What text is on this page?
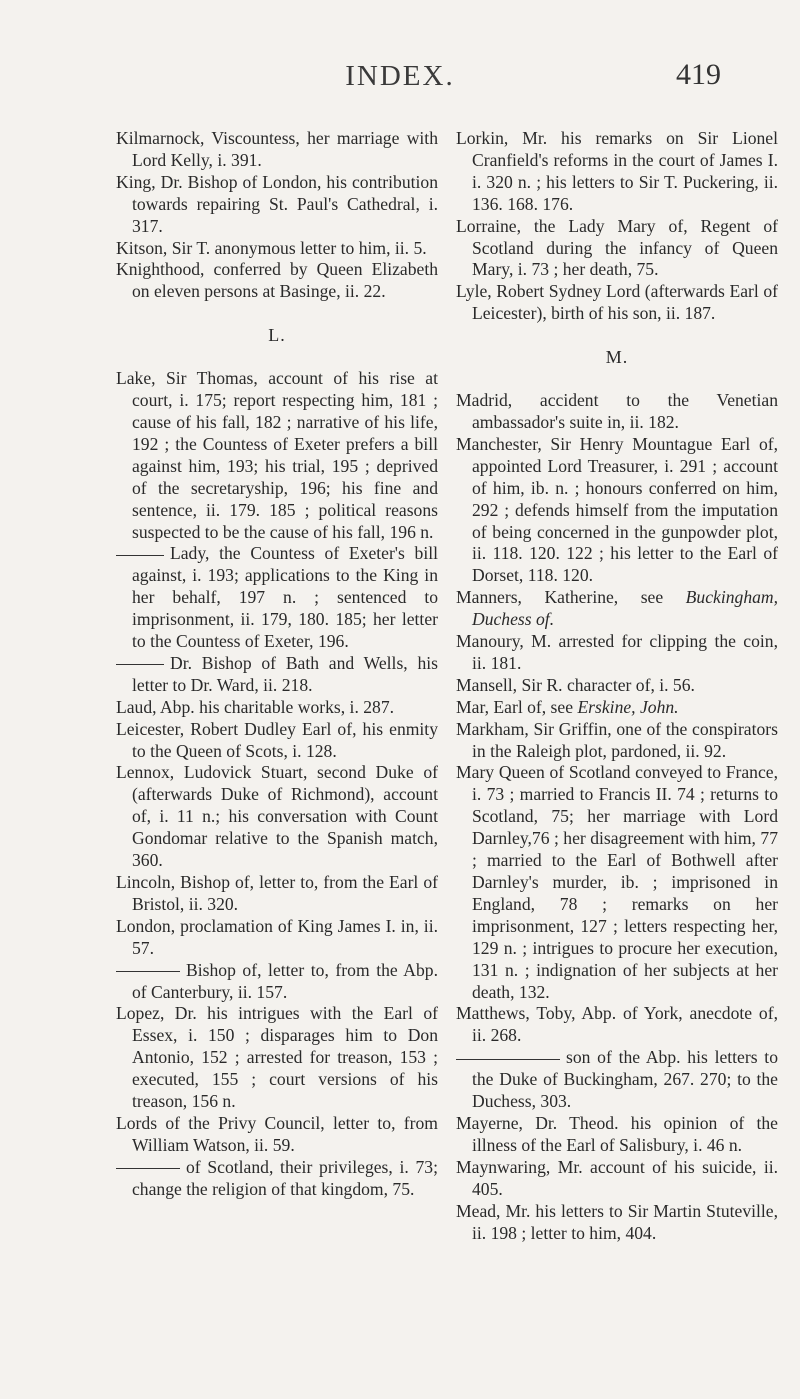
INDEX.	419

Kilmarnock, Viscountess, her marriage with Lord Kelly, i. 391.

King, Dr. Bishop of London, his contribution towards repairing St. Paul's Cathedral, i. 317.

Kitson, Sir T. anonymous letter to him, ii. 5.

Knighthood, conferred by Queen Elizabeth on eleven persons at Basinge, ii. 22.

L.

Lake, Sir Thomas, account of his rise at court, i. 175; report respecting him, 181 ; cause of his fall, 182 ; narrative of his life, 192 ; the Countess of Exeter prefers a bill against him, 193; his trial, 195 ; deprived of the secretaryship, 196; his fine and sentence, ii. 179. 185 ; political reasons suspected to be the cause of his fall, 196 n.

Lady, the Countess of Exeter's bill against, i. 193; applications to the King in her behalf, 197 n. ; sentenced to imprisonment, ii. 179, 180. 185; her letter to the Countess of Exeter, 196.

Dr. Bishop of Bath and Wells, his letter to Dr. Ward, ii. 218.

Laud, Abp. his charitable works, i. 287.

Leicester, Robert Dudley Earl of, his enmity to the Queen of Scots, i. 128.

Lennox, Ludovick Stuart, second Duke of (afterwards Duke of Richmond), account of, i. 11 n.; his conversation with Count Gondomar relative to the Spanish match, 360.

Lincoln, Bishop of, letter to, from the Earl of Bristol, ii. 320.

London, proclamation of King James I. in, ii. 57.

Bishop of, letter to, from the Abp. of Canterbury, ii. 157.

Lopez, Dr. his intrigues with the Earl of Essex, i. 150 ; disparages him to Don Antonio, 152 ; arrested for treason, 153 ; executed, 155 ; court versions of his treason, 156 n.

Lords of the Privy Council, letter to, from William Watson, ii. 59.

of Scotland, their privileges, i. 73; change the religion of that kingdom, 75.

Lorkin, Mr. his remarks on Sir Lionel Cranfield's reforms in the court of James I. i. 320 n. ; his letters to Sir T. Puckering, ii. 136. 168. 176.

Lorraine, the Lady Mary of, Regent of Scotland during the infancy of Queen Mary, i. 73 ; her death, 75.

Lyle, Robert Sydney Lord (afterwards Earl of Leicester), birth of his son, ii. 187.

M.

Madrid, accident to the Venetian ambassador's suite in, ii. 182.

Manchester, Sir Henry Mountague Earl of, appointed Lord Treasurer, i. 291 ; account of him, ib. n. ; honours conferred on him, 292 ; defends himself from the imputation of being concerned in the gunpowder plot, ii. 118. 120. 122 ; his letter to the Earl of Dorset, 118. 120.

Manners, Katherine, see Buckingham, Duchess of.

Manoury, M. arrested for clipping the coin, ii. 181.

Mansell, Sir R. character of, i. 56.

Mar, Earl of, see Erskine, John.

Markham, Sir Griffin, one of the conspirators in the Raleigh plot, pardoned, ii. 92.

Mary Queen of Scotland conveyed to France, i. 73 ; married to Francis II. 74 ; returns to Scotland, 75; her marriage with Lord Darnley,76 ; her disagreement with him, 77 ; married to the Earl of Bothwell after Darnley's murder, ib. ; imprisoned in England, 78 ; remarks on her imprisonment, 127 ; letters respecting her, 129 n. ; intrigues to procure her execution, 131 n. ; indignation of her subjects at her death, 132.

Matthews, Toby, Abp. of York, anecdote of, ii. 268.

son of the Abp. his letters to the Duke of Buckingham, 267. 270; to the Duchess, 303.

Mayerne, Dr. Theod. his opinion of the illness of the Earl of Salisbury, i. 46 n.

Maynwaring, Mr. account of his suicide, ii. 405.

Mead, Mr. his letters to Sir Martin Stuteville, ii. 198 ; letter to him, 404.
